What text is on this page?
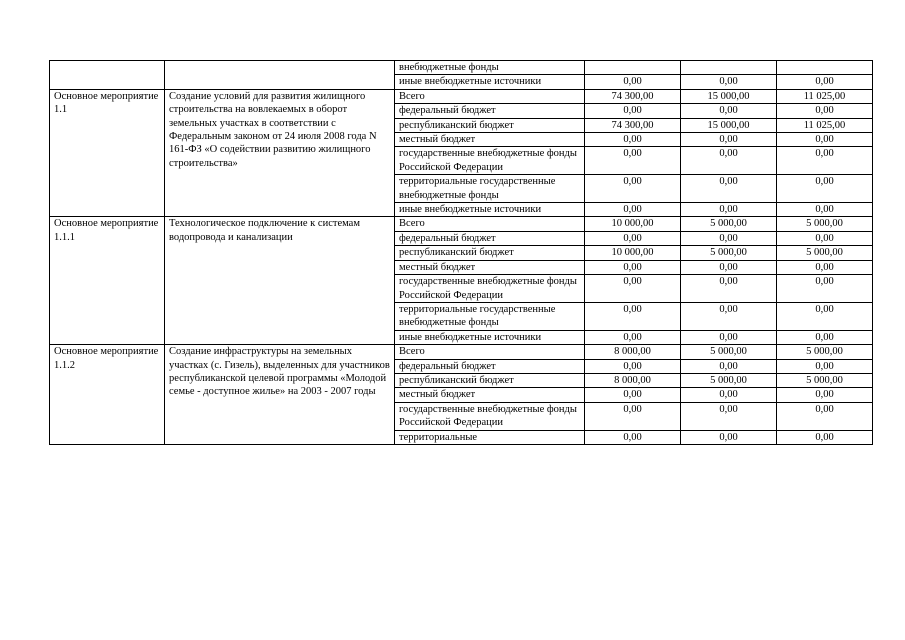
		внебюджетные фонды			
		иные внебюджетные источники	0,00	0,00	0,00
Основное мероприятие 1.1	Создание условий для развития жилищного строительства на вовлекаемых в оборот земельных участках в соответствии с Федеральным законом от 24 июля 2008 года N 161-ФЗ «О содействии развитию жилищного строительства»	Всего	74 300,00	15 000,00	11 025,00
		федеральный бюджет	0,00	0,00	0,00
		республиканский бюджет	74 300,00	15 000,00	11 025,00
		местный бюджет	0,00	0,00	0,00
		государственные внебюджетные фонды Российской Федерации	0,00	0,00	0,00
		территориальные государственные внебюджетные фонды	0,00	0,00	0,00
		иные внебюджетные источники	0,00	0,00	0,00
Основное мероприятие 1.1.1	Технологическое подключение к системам водопровода и канализации	Всего	10 000,00	5 000,00	5 000,00
		федеральный бюджет	0,00	0,00	0,00
		республиканский бюджет	10 000,00	5 000,00	5 000,00
		местный бюджет	0,00	0,00	0,00
		государственные внебюджетные фонды Российской Федерации	0,00	0,00	0,00
		территориальные государственные внебюджетные фонды	0,00	0,00	0,00
		иные внебюджетные источники	0,00	0,00	0,00
Основное мероприятие 1.1.2	Создание инфраструктуры на земельных участках (с. Гизель), выделенных для участников республиканской целевой программы «Молодой семье - доступное жилье» на 2003 - 2007 годы	Всего	8 000,00	5 000,00	5 000,00
		федеральный бюджет	0,00	0,00	0,00
		республиканский бюджет	8 000,00	5 000,00	5 000,00
		местный бюджет	0,00	0,00	0,00
		государственные внебюджетные фонды Российской Федерации	0,00	0,00	0,00
		территориальные	0,00	0,00	0,00
